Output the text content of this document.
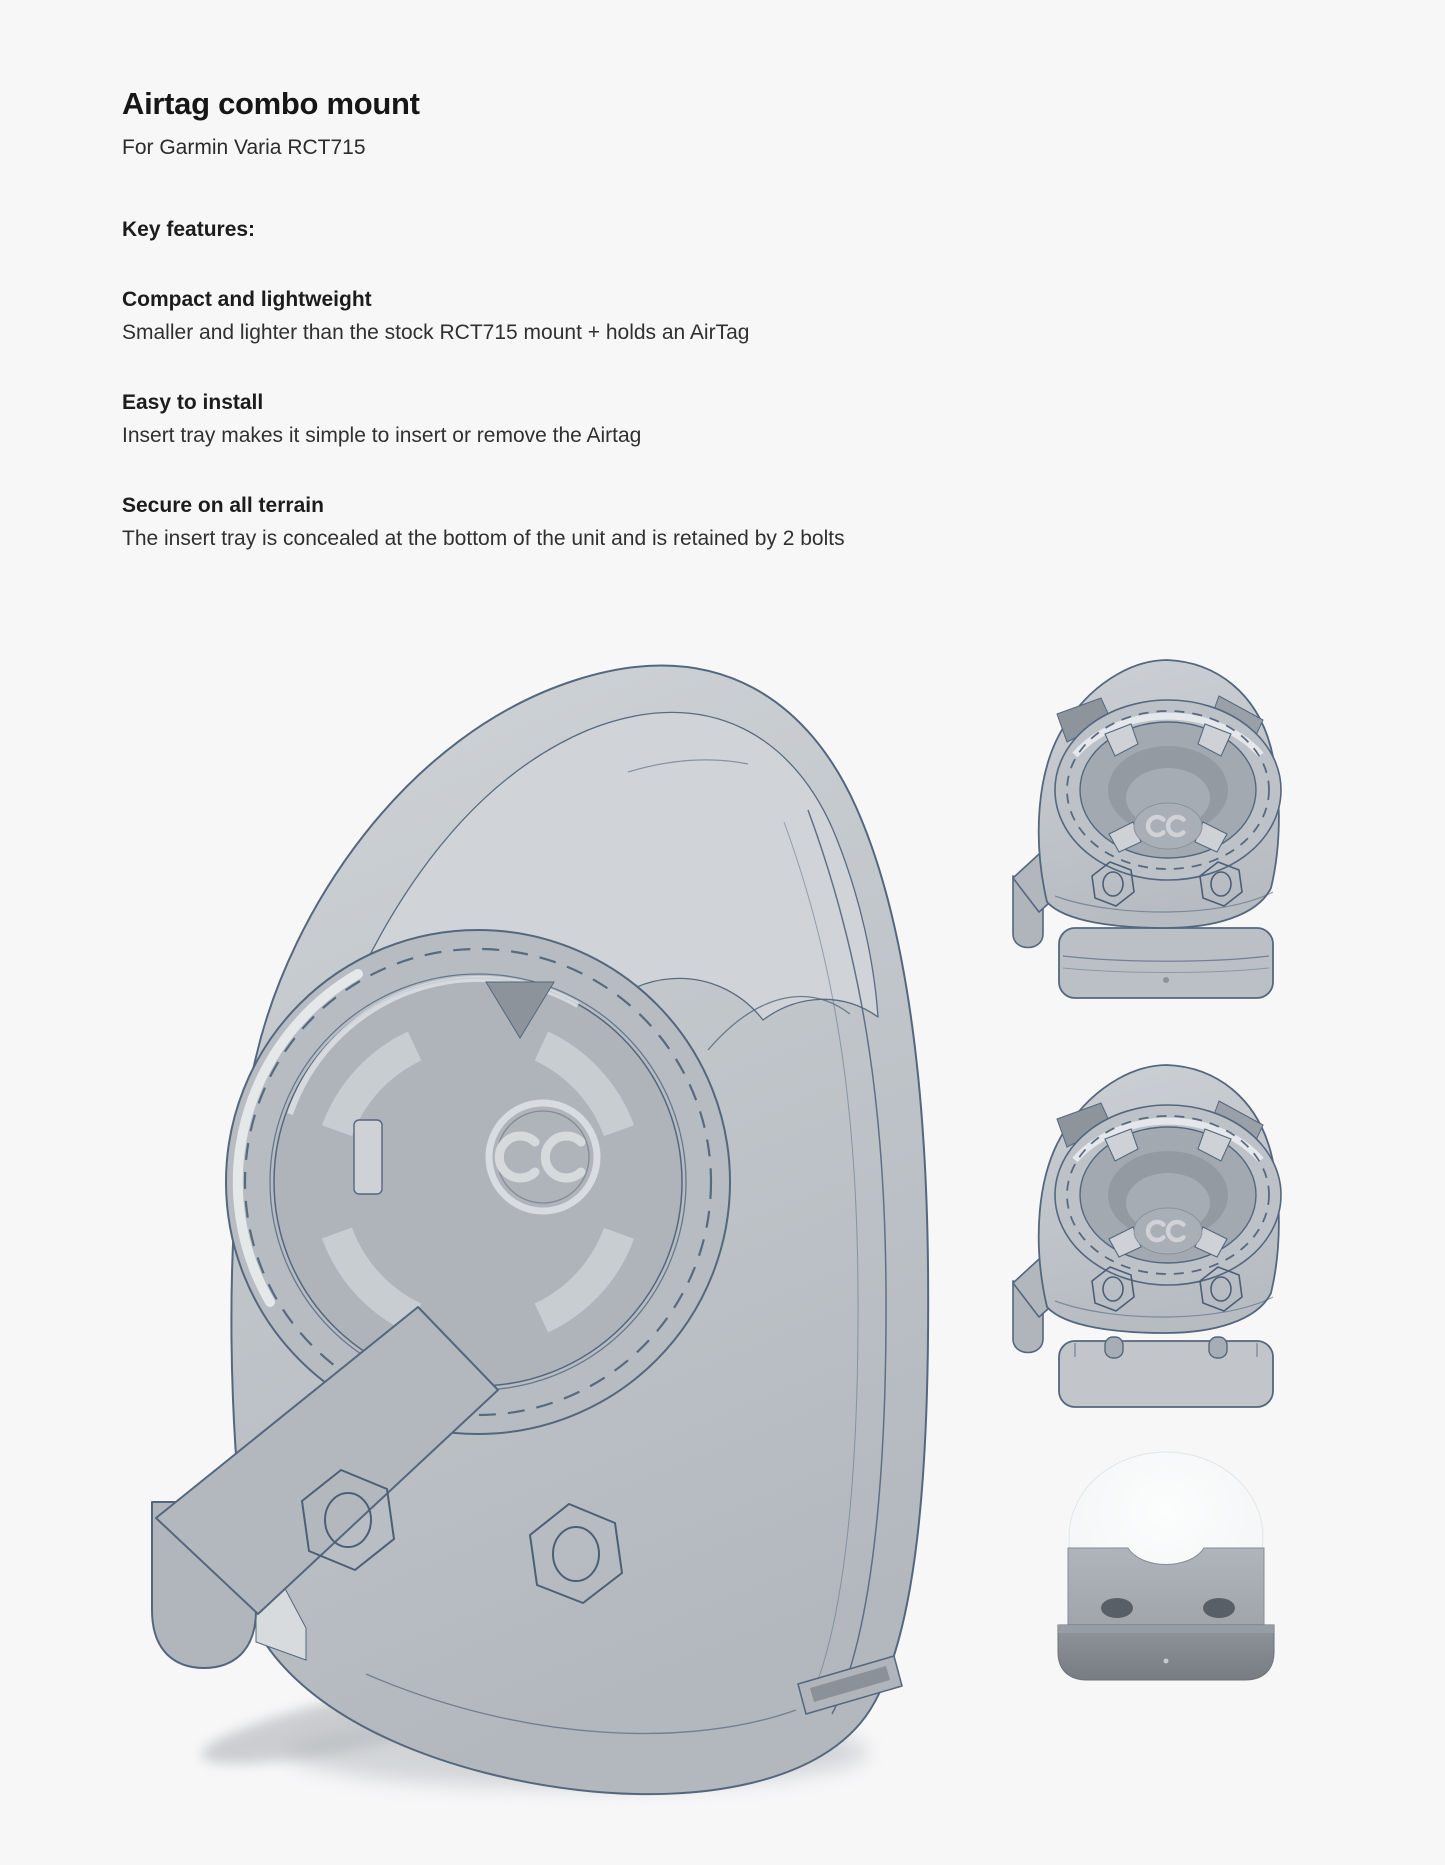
Airtag combo mount

For Garmin Varia RCT715

Key features:
Compact and lightweight

Smaller and lighter than the stock RCT715 mount + holds an AirTag

Easy to install

Insert tray makes it simple to insert or remove the Airtag

Secure on all terrain

The insert tray is concealed at the bottom of the unit and is retained by 2 bolts
